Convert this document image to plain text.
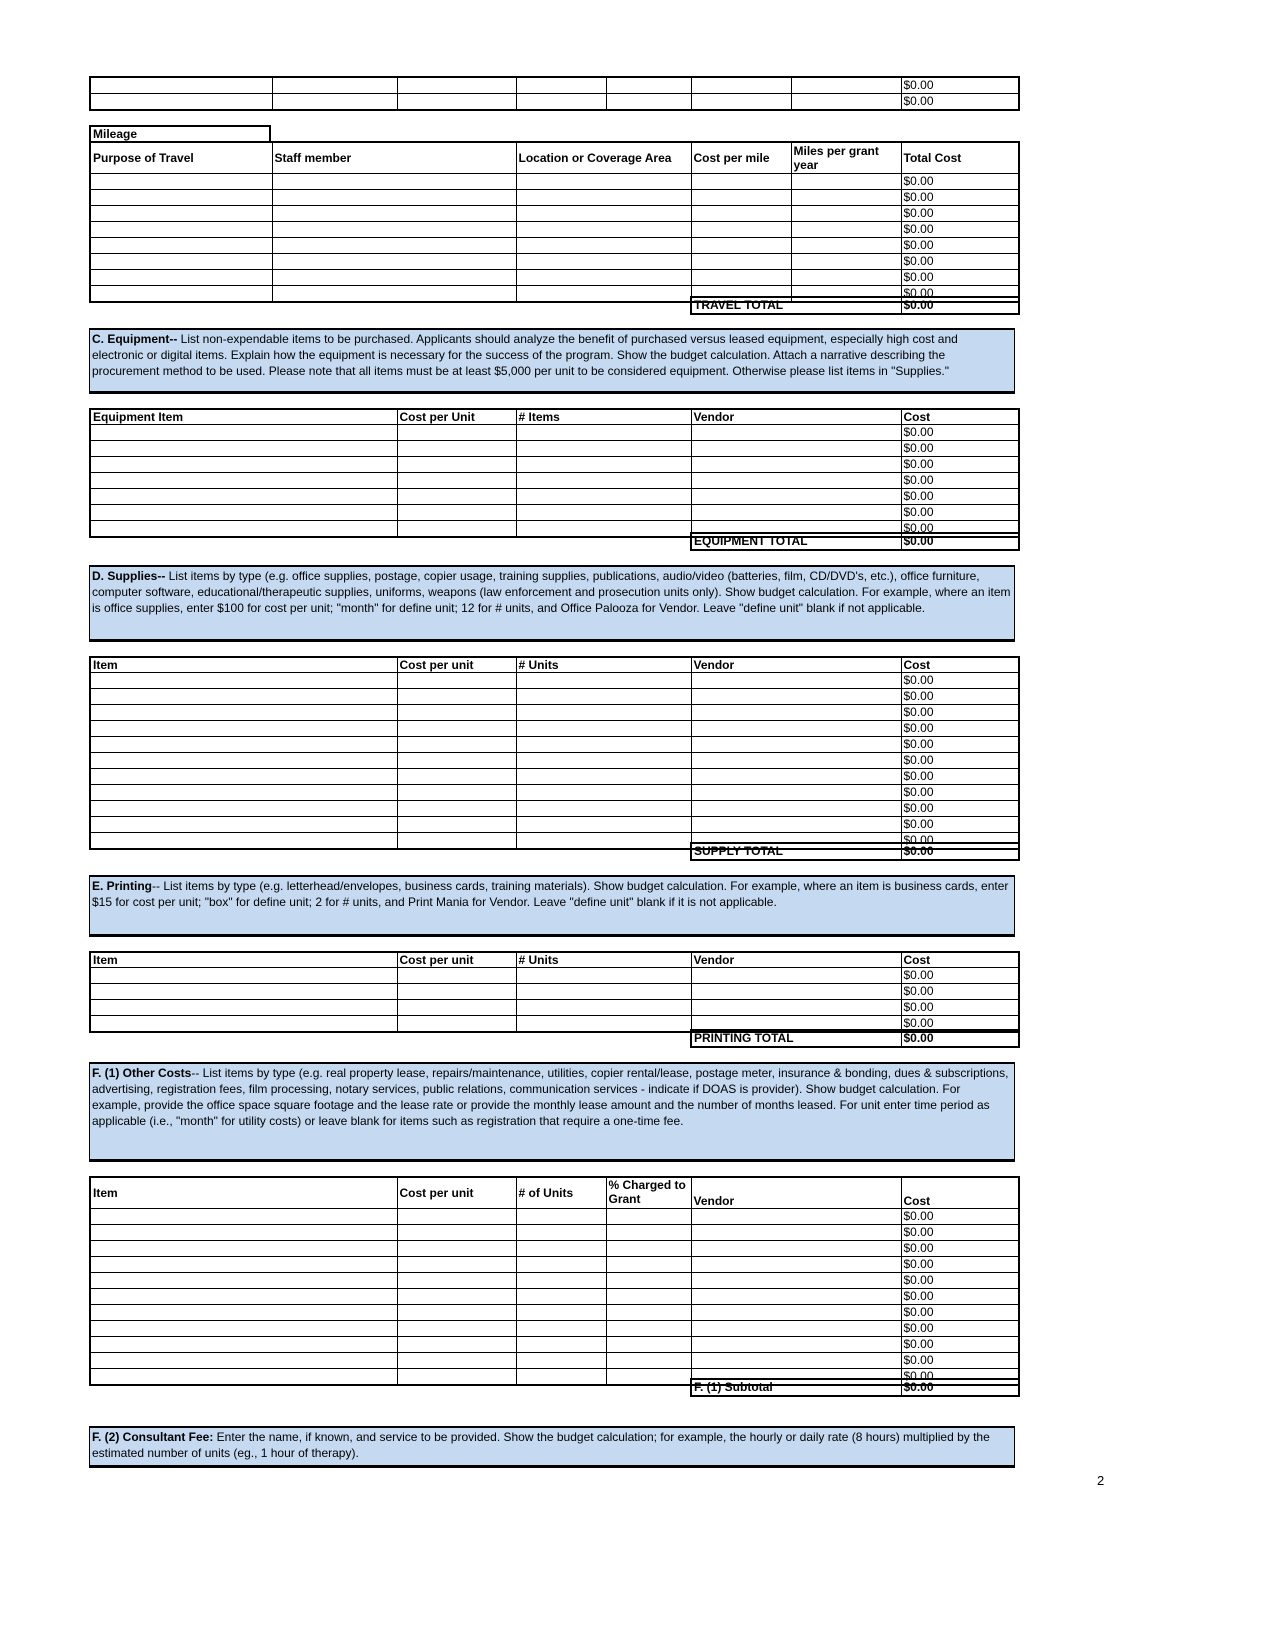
							$0.00
							$0.00
Mileage
Purpose of Travel	Staff member	Location or Coverage Area	Cost per mile	Miles per grant year	Total Cost
					$0.00
					$0.00
					$0.00
					$0.00
					$0.00
					$0.00
					$0.00
					$0.00
TRAVEL TOTAL	$0.00
C. Equipment-- List non-expendable items to be purchased. Applicants should analyze the benefit of purchased versus leased equipment, especially high cost and electronic or digital items. Explain how the equipment is necessary for the success of the program. Show the budget calculation. Attach a narrative describing the procurement method to be used. Please note that all items must be at least $5,000 per unit to be considered equipment. Otherwise please list items in "Supplies."
Equipment Item	Cost per Unit	# Items	Vendor	Cost
				$0.00
				$0.00
				$0.00
				$0.00
				$0.00
				$0.00
				$0.00
EQUIPMENT TOTAL	$0.00
D. Supplies-- List items by type (e.g. office supplies, postage, copier usage, training supplies, publications, audio/video (batteries, film, CD/DVD's, etc.), office furniture, computer software, educational/therapeutic supplies, uniforms, weapons (law enforcement and prosecution units only). Show budget calculation. For example, where an item is office supplies, enter $100 for cost per unit; "month" for define unit; 12 for # units, and Office Palooza for Vendor. Leave "define unit" blank if not applicable.
Item	Cost per unit	# Units	Vendor	Cost
				$0.00
				$0.00
				$0.00
				$0.00
				$0.00
				$0.00
				$0.00
				$0.00
				$0.00
				$0.00
				$0.00
SUPPLY TOTAL	$0.00
E. Printing-- List items by type (e.g. letterhead/envelopes, business cards, training materials). Show budget calculation. For example, where an item is business cards, enter $15 for cost per unit; "box" for define unit; 2 for # units, and Print Mania for Vendor. Leave "define unit" blank if it is not applicable.
Item	Cost per unit	# Units	Vendor	Cost
				$0.00
				$0.00
				$0.00
				$0.00
PRINTING TOTAL	$0.00
F. (1) Other Costs-- List items by type (e.g. real property lease, repairs/maintenance, utilities, copier rental/lease, postage meter, insurance & bonding, dues & subscriptions, advertising, registration fees, film processing, notary services, public relations, communication services - indicate if DOAS is provider). Show budget calculation. For example, provide the office space square footage and the lease rate or provide the monthly lease amount and the number of months leased. For unit enter time period as applicable (i.e., "month" for utility costs) or leave blank for items such as registration that require a one-time fee.
Item	Cost per unit	# of Units	% Charged to Grant	Vendor	Cost
					$0.00
					$0.00
					$0.00
					$0.00
					$0.00
					$0.00
					$0.00
					$0.00
					$0.00
					$0.00
					$0.00
F. (1) Subtotal	$0.00
F. (2) Consultant Fee: Enter the name, if known, and service to be provided. Show the budget calculation; for example, the hourly or daily rate (8 hours) multiplied by the estimated number of units (eg., 1 hour of therapy).
2
